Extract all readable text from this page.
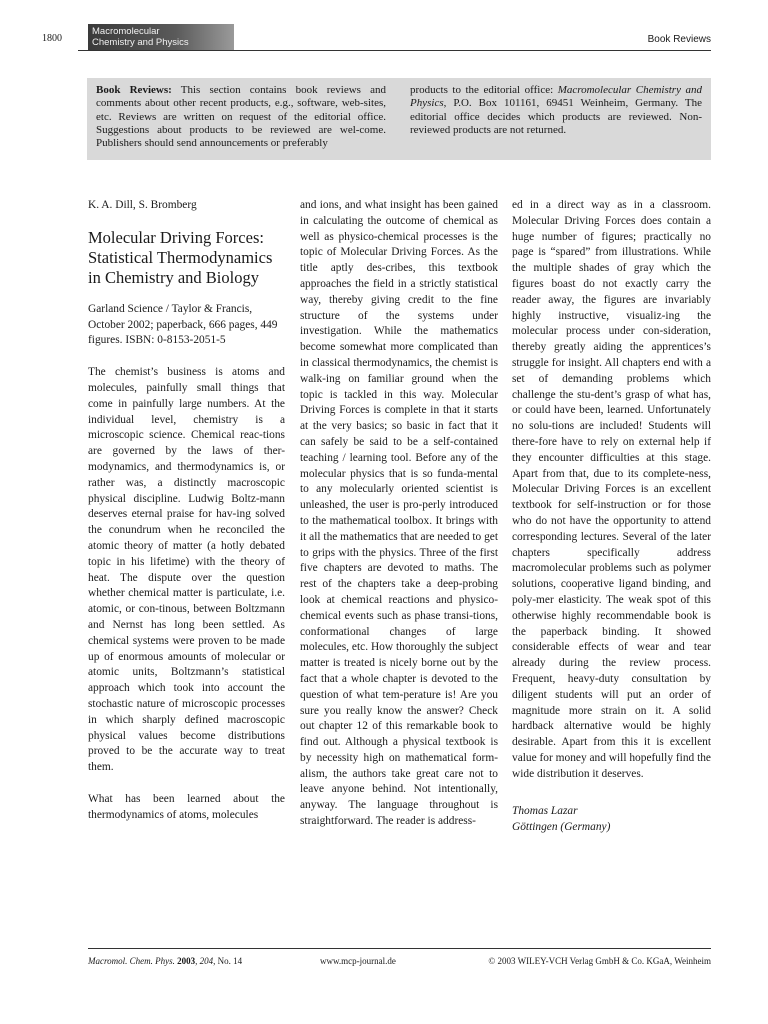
1800
Macromolecular
Chemistry and Physics	Book Reviews
Book Reviews: This section contains book reviews and comments about other recent products, e.g., software, web-sites, etc. Reviews are written on request of the editorial office. Suggestions about products to be reviewed are wel-come. Publishers should send announcements or preferably
products to the editorial office: Macromolecular Chemistry and Physics, P.O. Box 101161, 69451 Weinheim, Germany. The editorial office decides which products are reviewed. Non-reviewed products are not returned.

K. A. Dill, S. Bromberg

Molecular Driving Forces: Statistical Thermodynamics in Chemistry and Biology

Garland Science / Taylor & Francis, October 2002; paperback, 666 pages, 449 figures. ISBN: 0-8153-2051-5

The chemist’s business is atoms and molecules, painfully small things that come in painfully large numbers. At the individual level, chemistry is a microscopic science. Chemical reac-tions are governed by the laws of ther-modynamics, and thermodynamics is, or rather was, a distinctly macroscopic physical discipline. Ludwig Boltz-mann deserves eternal praise for hav-ing solved the conundrum when he reconciled the atomic theory of matter (a hotly debated topic in his lifetime) with the theory of heat. The dispute over the question whether chemical matter is particulate, i.e. atomic, or con-tinous, between Boltzmann and Nernst has long been settled. As chemical systems were proven to be made up of enormous amounts of molecular or atomic units, Boltzmann’s statistical approach which took into account the stochastic nature of microscopic processes in which sharply defined macroscopic physical values become distributions proved to be the accurate way to treat them.

What has been learned about the thermodynamics of atoms, molecules

and ions, and what insight has been gained in calculating the outcome of chemical as well as physico-chemical processes is the topic of Molecular Driving Forces. As the title aptly des-cribes, this textbook approaches the field in a strictly statistical way, thereby giving credit to the fine structure of the systems under investigation. While the mathematics become somewhat more complicated than in classical thermodynamics, the chemist is walk-ing on familiar ground when the topic is tackled in this way. Molecular Driving Forces is complete in that it starts at the very basics; so basic in fact that it can safely be said to be a self-contained teaching / learning tool. Before any of the molecular physics that is so funda-mental to any molecularly oriented scientist is unleashed, the user is pro-perly introduced to the mathematical toolbox. It brings with it all the mathematics that are needed to get to grips with the physics. Three of the first five chapters are devoted to maths. The rest of the chapters take a deep-probing look at chemical reactions and physico-chemical events such as phase transi-tions, conformational changes of large molecules, etc. How thoroughly the subject matter is treated is nicely borne out by the fact that a whole chapter is devoted to the question of what tem-perature is! Are you sure you really know the answer? Check out chapter 12 of this remarkable book to find out. Although a physical textbook is by necessity high on mathematical form-alism, the authors take great care not to leave anyone behind. Not intentionally, anyway. The language throughout is straightforward. The reader is address-

ed in a direct way as in a classroom. Molecular Driving Forces does contain a huge number of figures; practically no page is “spared” from illustrations. While the multiple shades of gray which the figures boast do not exactly carry the reader away, the figures are invariably highly instructive, visualiz-ing the molecular process under con-sideration, thereby greatly aiding the apprentices’s struggle for insight. All chapters end with a set of demanding problems which challenge the stu-dent’s grasp of what has, or could have been, learned. Unfortunately no solu-tions are included! Students will there-fore have to rely on external help if they encounter difficulties at this stage. Apart from that, due to its complete-ness, Molecular Driving Forces is an excellent textbook for self-instruction or for those who do not have the opportunity to attend corresponding lectures. Several of the later chapters specifically address macromolecular problems such as polymer solutions, cooperative ligand binding, and poly-mer elasticity. The weak spot of this otherwise highly recommendable book is the paperback binding. It showed considerable effects of wear and tear already during the review process. Frequent, heavy-duty consultation by diligent students will put an order of magnitude more strain on it. A solid hardback alternative would be highly desirable. Apart from this it is excellent value for money and will hopefully find the wide distribution it deserves.

Thomas Lazar
Göttingen (Germany)

Macromol. Chem. Phys. 2003, 204, No. 14	www.mcp-journal.de	© 2003 WILEY-VCH Verlag GmbH & Co. KGaA, Weinheim
